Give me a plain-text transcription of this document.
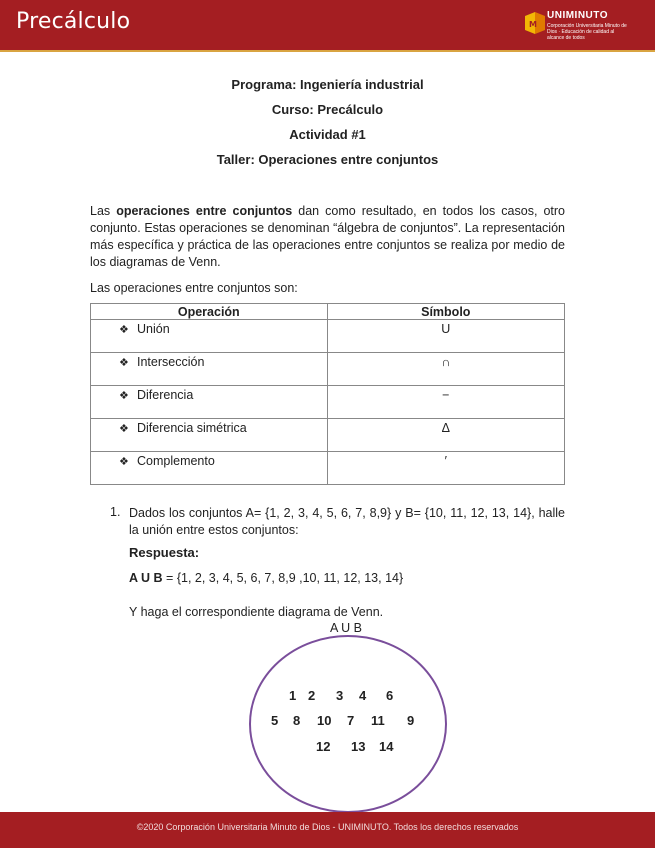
Precálculo	M
UNIMINUTO
Corporación Universitaria Minuto de Dios · Educación de calidad al alcance de todos
Programa: Ingeniería industrial
Curso: Precálculo
Actividad #1
Taller: Operaciones entre conjuntos
Las operaciones entre conjuntos dan como resultado, en todos los casos, otro conjunto. Estas operaciones se denominan “álgebra de conjuntos”. La representación más específica y práctica de las operaciones entre conjuntos se realiza por medio de los diagramas de Venn.
Las operaciones entre conjuntos son:
Operación	Símbolo
❖ Unión	U
❖ Intersección	∩
❖ Diferencia	−
❖ Diferencia simétrica	Δ
❖ Complemento	′
1. Dados los conjuntos A= {1, 2, 3, 4, 5, 6, 7, 8,9} y B= {10, 11, 12, 13, 14}, halle la unión entre estos conjuntos:
Respuesta:
A U B = {1, 2, 3, 4, 5, 6, 7, 8,9 ,10, 11, 12, 13, 14}
Y haga el correspondiente diagrama de Venn.
A U B
1 2 3 4 6
5 8 10 7 11 9
12 13 14
©2020 Corporación Universitaria Minuto de Dios - UNIMINUTO. Todos los derechos reservados
